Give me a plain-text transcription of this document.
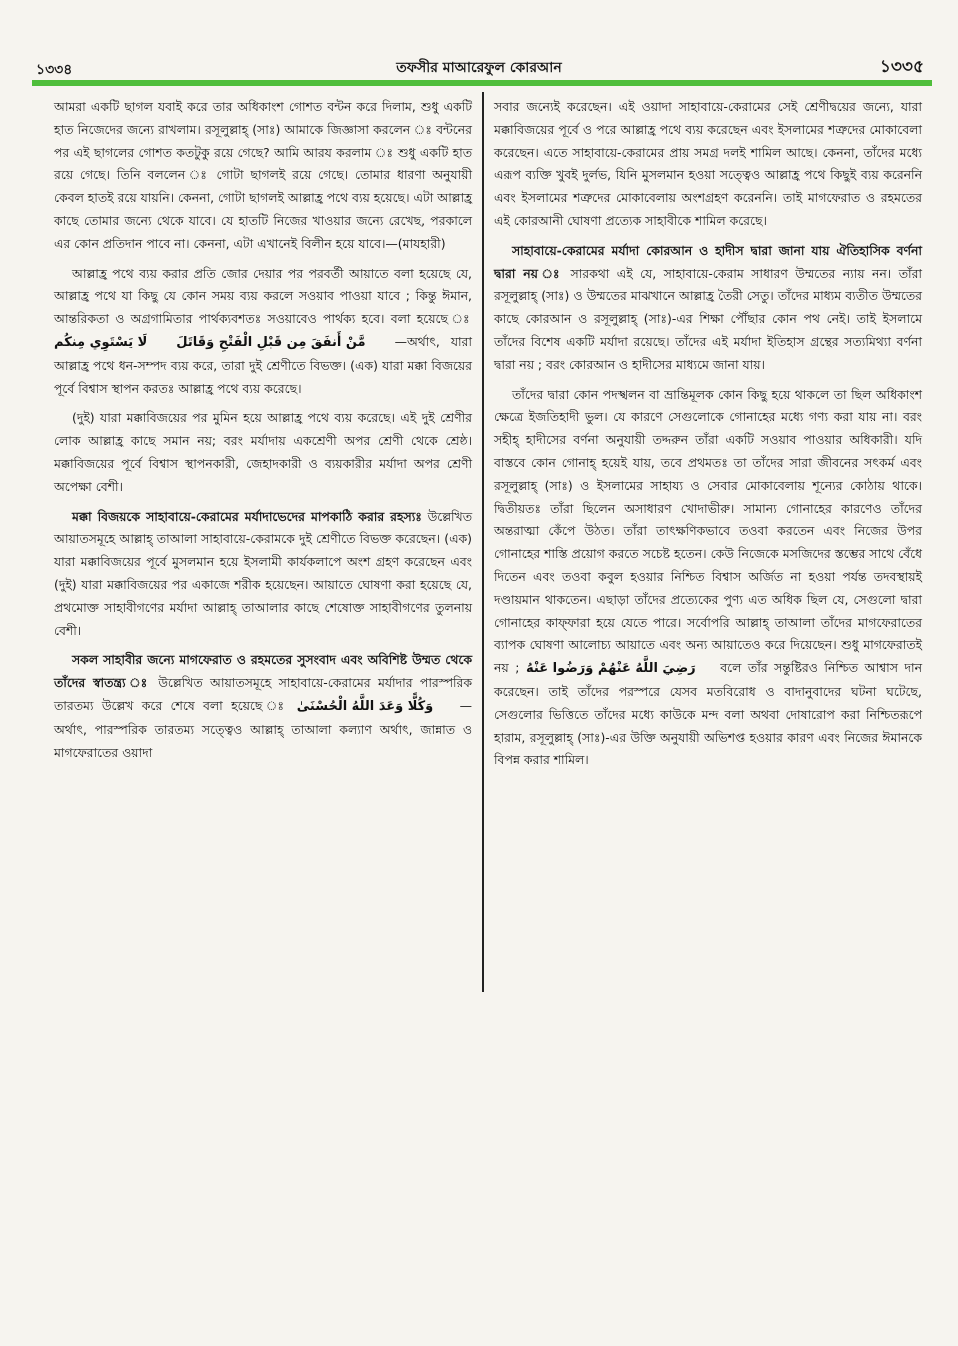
১৩৩৪	তফসীর মাআরেফুল কোরআন	১৩৩৫

আমরা একটি ছাগল যবাই করে তার অধিকাংশ গোশত বন্টন করে দিলাম, শুধু একটি হাত নিজেদের জন্যে রাখলাম। রসূলুল্লাহ্ (সাঃ) আমাকে জিজ্ঞাসা করলেন ঃ বন্টনের পর এই ছাগলের গোশত কতটুকু রয়ে গেছে? আমি আরয করলাম ঃ শুধু একটি হাত রয়ে গেছে। তিনি বললেন ঃ গোটা ছাগলই রয়ে গেছে। তোমার ধারণা অনুযায়ী কেবল হাতই রয়ে যায়নি। কেননা, গোটা ছাগলই আল্লাহ্র পথে ব্যয় হয়েছে। এটা আল্লাহ্র কাছে তোমার জন্যে থেকে যাবে। যে হাতটি নিজের খাওয়ার জন্যে রেখেছ, পরকালে এর কোন প্রতিদান পাবে না। কেননা, এটা এখানেই বিলীন হয়ে যাবে।—(মাযহারী)

আল্লাহ্র পথে ব্যয় করার প্রতি জোর দেয়ার পর পরবর্তী আয়াতে বলা হয়েছে যে, আল্লাহ্র পথে যা কিছু যে কোন সময় ব্যয় করলে সওয়াব পাওয়া যাবে ; কিন্তু ঈমান, আন্তরিকতা ও অগ্রগামিতার পার্থক্যবশতঃ সওয়াবেও পার্থক্য হবে। বলা হয়েছে ঃ لَا يَسْتَوِي مِنكُم مَّنْ أَنفَقَ مِن قَبْلِ الْفَتْحِ وَقَاتَلَ —অর্থাৎ, যারা আল্লাহ্র পথে ধন-সম্পদ ব্যয় করে, তারা দুই শ্রেণীতে বিভক্ত। (এক) যারা মক্কা বিজয়ের পূর্বে বিশ্বাস স্থাপন করতঃ আল্লাহ্র পথে ব্যয় করেছে।

(দুই) যারা মক্কাবিজয়ের পর মুমিন হয়ে আল্লাহ্র পথে ব্যয় করেছে। এই দুই শ্রেণীর লোক আল্লাহ্র কাছে সমান নয়; বরং মর্যাদায় একশ্রেণী অপর শ্রেণী থেকে শ্রেষ্ঠ। মক্কাবিজয়ের পূর্বে বিশ্বাস স্থাপনকারী, জেহাদকারী ও ব্যয়কারীর মর্যাদা অপর শ্রেণী অপেক্ষা বেশী।

মক্কা বিজয়কে সাহাবায়ে-কেরামের মর্যাদাভেদের মাপকাঠি করার রহস্যঃ উল্লেখিত আয়াতসমূহে আল্লাহ্ তাআলা সাহাবায়ে-কেরামকে দুই শ্রেণীতে বিভক্ত করেছেন। (এক) যারা মক্কাবিজয়ের পূর্বে মুসলমান হয়ে ইসলামী কার্যকলাপে অংশ গ্রহণ করেছেন এবং (দুই) যারা মক্কাবিজয়ের পর একাজে শরীক হয়েছেন। আয়াতে ঘোষণা করা হয়েছে যে, প্রথমোক্ত সাহাবীগণের মর্যাদা আল্লাহ্ তাআলার কাছে শেষোক্ত সাহাবীগণের তুলনায় বেশী।

সকল সাহাবীর জন্যে মাগফেরাত ও রহমতের সুসংবাদ এবং অবিশিষ্ট উম্মত থেকে তাঁদের স্বাতন্ত্র্য ঃ উল্লেখিত আয়াতসমূহে সাহাবায়ে-কেরামের মর্যাদার পারস্পরিক তারতম্য উল্লেখ করে শেষে বলা হয়েছে ঃ وَكُلًّا وَعَدَ اللَّهُ الْحُسْنَىٰ — অর্থাৎ, পারস্পরিক তারতম্য সত্ত্বেও আল্লাহ্ তাআলা কল্যাণ অর্থাৎ, জান্নাত ও মাগফেরাতের ওয়াদা

সবার জন্যেই করেছেন। এই ওয়াদা সাহাবায়ে-কেরামের সেই শ্রেণীদ্বয়ের জন্যে, যারা মক্কাবিজয়ের পূর্বে ও পরে আল্লাহ্র পথে ব্যয় করেছেন এবং ইসলামের শত্রুদের মোকাবেলা করেছেন। এতে সাহাবায়ে-কেরামের প্রায় সমগ্র দলই শামিল আছে। কেননা, তাঁদের মধ্যে এরূপ ব্যক্তি খুবই দুর্লভ, যিনি মুসলমান হওয়া সত্ত্বেও আল্লাহ্র পথে কিছুই ব্যয় করেননি এবং ইসলামের শত্রুদের মোকাবেলায় অংশগ্রহণ করেননি। তাই মাগফেরাত ও রহমতের এই কোরআনী ঘোষণা প্রত্যেক সাহাবীকে শামিল করেছে।

সাহাবায়ে-কেরামের মর্যাদা কোরআন ও হাদীস দ্বারা জানা যায় ঐতিহাসিক বর্ণনা দ্বারা নয় ঃ সারকথা এই যে, সাহাবায়ে-কেরাম সাধারণ উম্মতের ন্যায় নন। তাঁরা রসূলুল্লাহ্ (সাঃ) ও উম্মতের মাঝখানে আল্লাহ্র তৈরী সেতু। তাঁদের মাধ্যম ব্যতীত উম্মতের কাছে কোরআন ও রসূলুল্লাহ্ (সাঃ)-এর শিক্ষা পৌঁছার কোন পথ নেই। তাই ইসলামে তাঁদের বিশেষ একটি মর্যাদা রয়েছে। তাঁদের এই মর্যাদা ইতিহাস গ্রন্থের সত্যমিথ্যা বর্ণনা দ্বারা নয় ; বরং কোরআন ও হাদীসের মাধ্যমে জানা যায়।

তাঁদের দ্বারা কোন পদস্খলন বা ভ্রান্তিমূলক কোন কিছু হয়ে থাকলে তা ছিল অধিকাংশ ক্ষেত্রে ইজতিহাদী ভুল। যে কারণে সেগুলোকে গোনাহের মধ্যে গণ্য করা যায় না। বরং সহীহ্ হাদীসের বর্ণনা অনুযায়ী তদ্দরুন তাঁরা একটি সওয়াব পাওয়ার অধিকারী। যদি বাস্তবে কোন গোনাহ্ হয়েই যায়, তবে প্রথমতঃ তা তাঁদের সারা জীবনের সৎকর্ম এবং রসূলুল্লাহ্ (সাঃ) ও ইসলামের সাহায্য ও সেবার মোকাবেলায় শূন্যের কোঠায় থাকে। দ্বিতীয়তঃ তাঁরা ছিলেন অসাধারণ খোদাভীরু। সামান্য গোনাহের কারণেও তাঁদের অন্তরাত্মা কেঁপে উঠত। তাঁরা তাৎক্ষণিকভাবে তওবা করতেন এবং নিজের উপর গোনাহের শাস্তি প্রয়োগ করতে সচেষ্ট হতেন। কেউ নিজেকে মসজিদের স্তম্ভের সাথে বেঁধে দিতেন এবং তওবা কবুল হওয়ার নিশ্চিত বিশ্বাস অর্জিত না হওয়া পর্যন্ত তদবস্থায়ই দণ্ডায়মান থাকতেন। এছাড়া তাঁদের প্রত্যেকের পুণ্য এত অধিক ছিল যে, সেগুলো দ্বারা গোনাহের কাফ্ফারা হয়ে যেতে পারে। সর্বোপরি আল্লাহ্ তাআলা তাঁদের মাগফেরাতের ব্যাপক ঘোষণা আলোচ্য আয়াতে এবং অন্য আয়াতেও করে দিয়েছেন। শুধু মাগফেরাতই নয় ; رَضِيَ اللَّهُ عَنْهُمْ وَرَضُوا عَنْهُ বলে তাঁর সন্তুষ্টিরও নিশ্চিত আশ্বাস দান করেছেন। তাই তাঁদের পরস্পরে যেসব মতবিরোধ ও বাদানুবাদের ঘটনা ঘটেছে, সেগুলোর ভিত্তিতে তাঁদের মধ্যে কাউকে মন্দ বলা অথবা দোষারোপ করা নিশ্চিতরূপে হারাম, রসূলুল্লাহ্ (সাঃ)-এর উক্তি অনুযায়ী অভিশপ্ত হওয়ার কারণ এবং নিজের ঈমানকে বিপন্ন করার শামিল।
